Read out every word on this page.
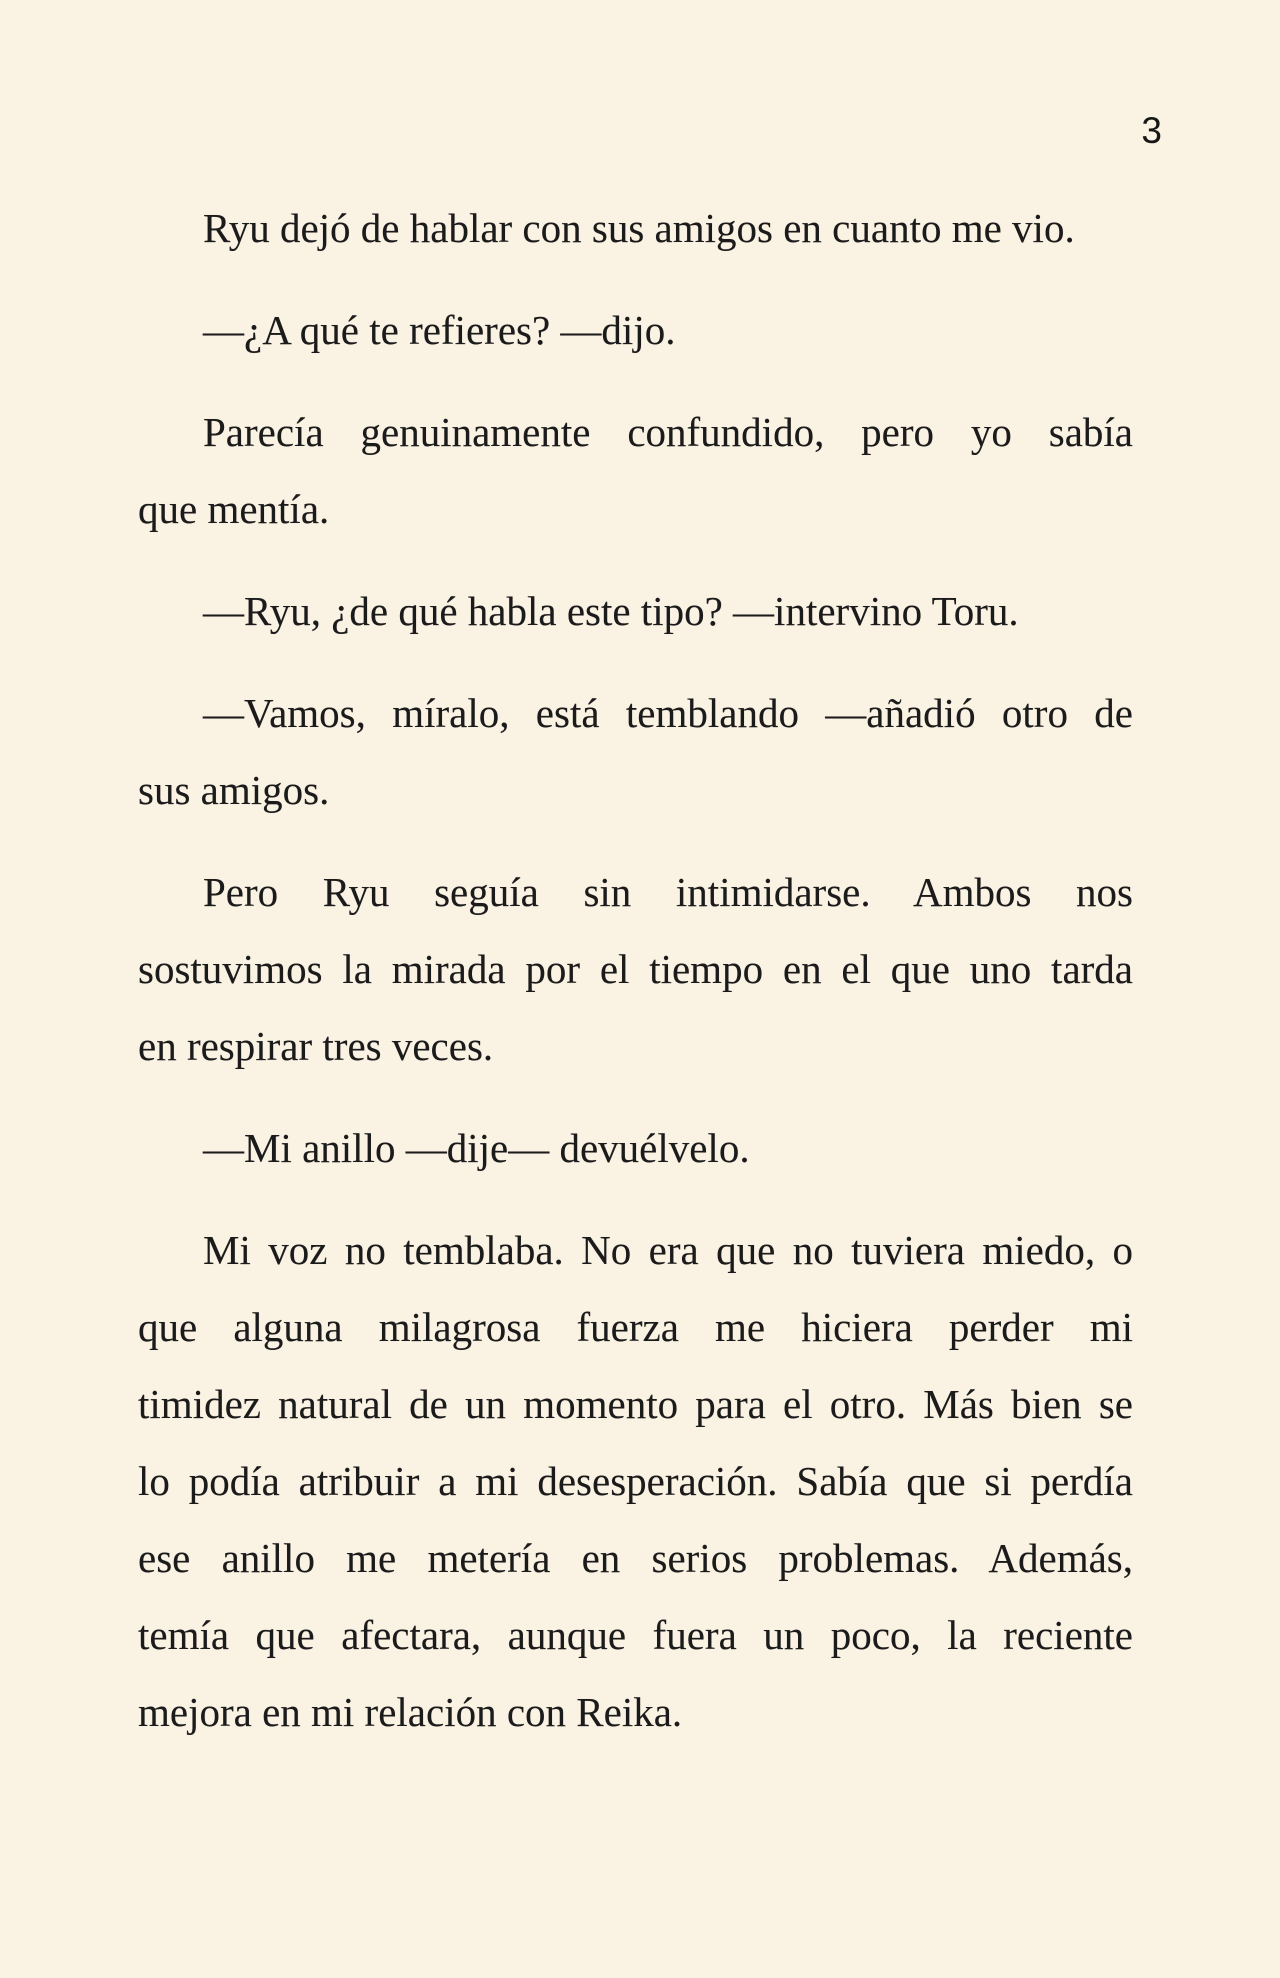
3
Ryu dejó de hablar con sus amigos en cuanto me vio.
—¿A qué te refieres? —dijo.
Parecía genuinamente confundido, pero yo sabía
que mentía.
—Ryu, ¿de qué habla este tipo? —intervino Toru.
—Vamos, míralo, está temblando —añadió otro de
sus amigos.
Pero Ryu seguía sin intimidarse. Ambos nos
sostuvimos la mirada por el tiempo en el que uno tarda
en respirar tres veces.
—Mi anillo —dije— devuélvelo.
Mi voz no temblaba. No era que no tuviera miedo, o
que alguna milagrosa fuerza me hiciera perder mi
timidez natural de un momento para el otro. Más bien se
lo podía atribuir a mi desesperación. Sabía que si perdía
ese anillo me metería en serios problemas. Además,
temía que afectara, aunque fuera un poco, la reciente
mejora en mi relación con Reika.
